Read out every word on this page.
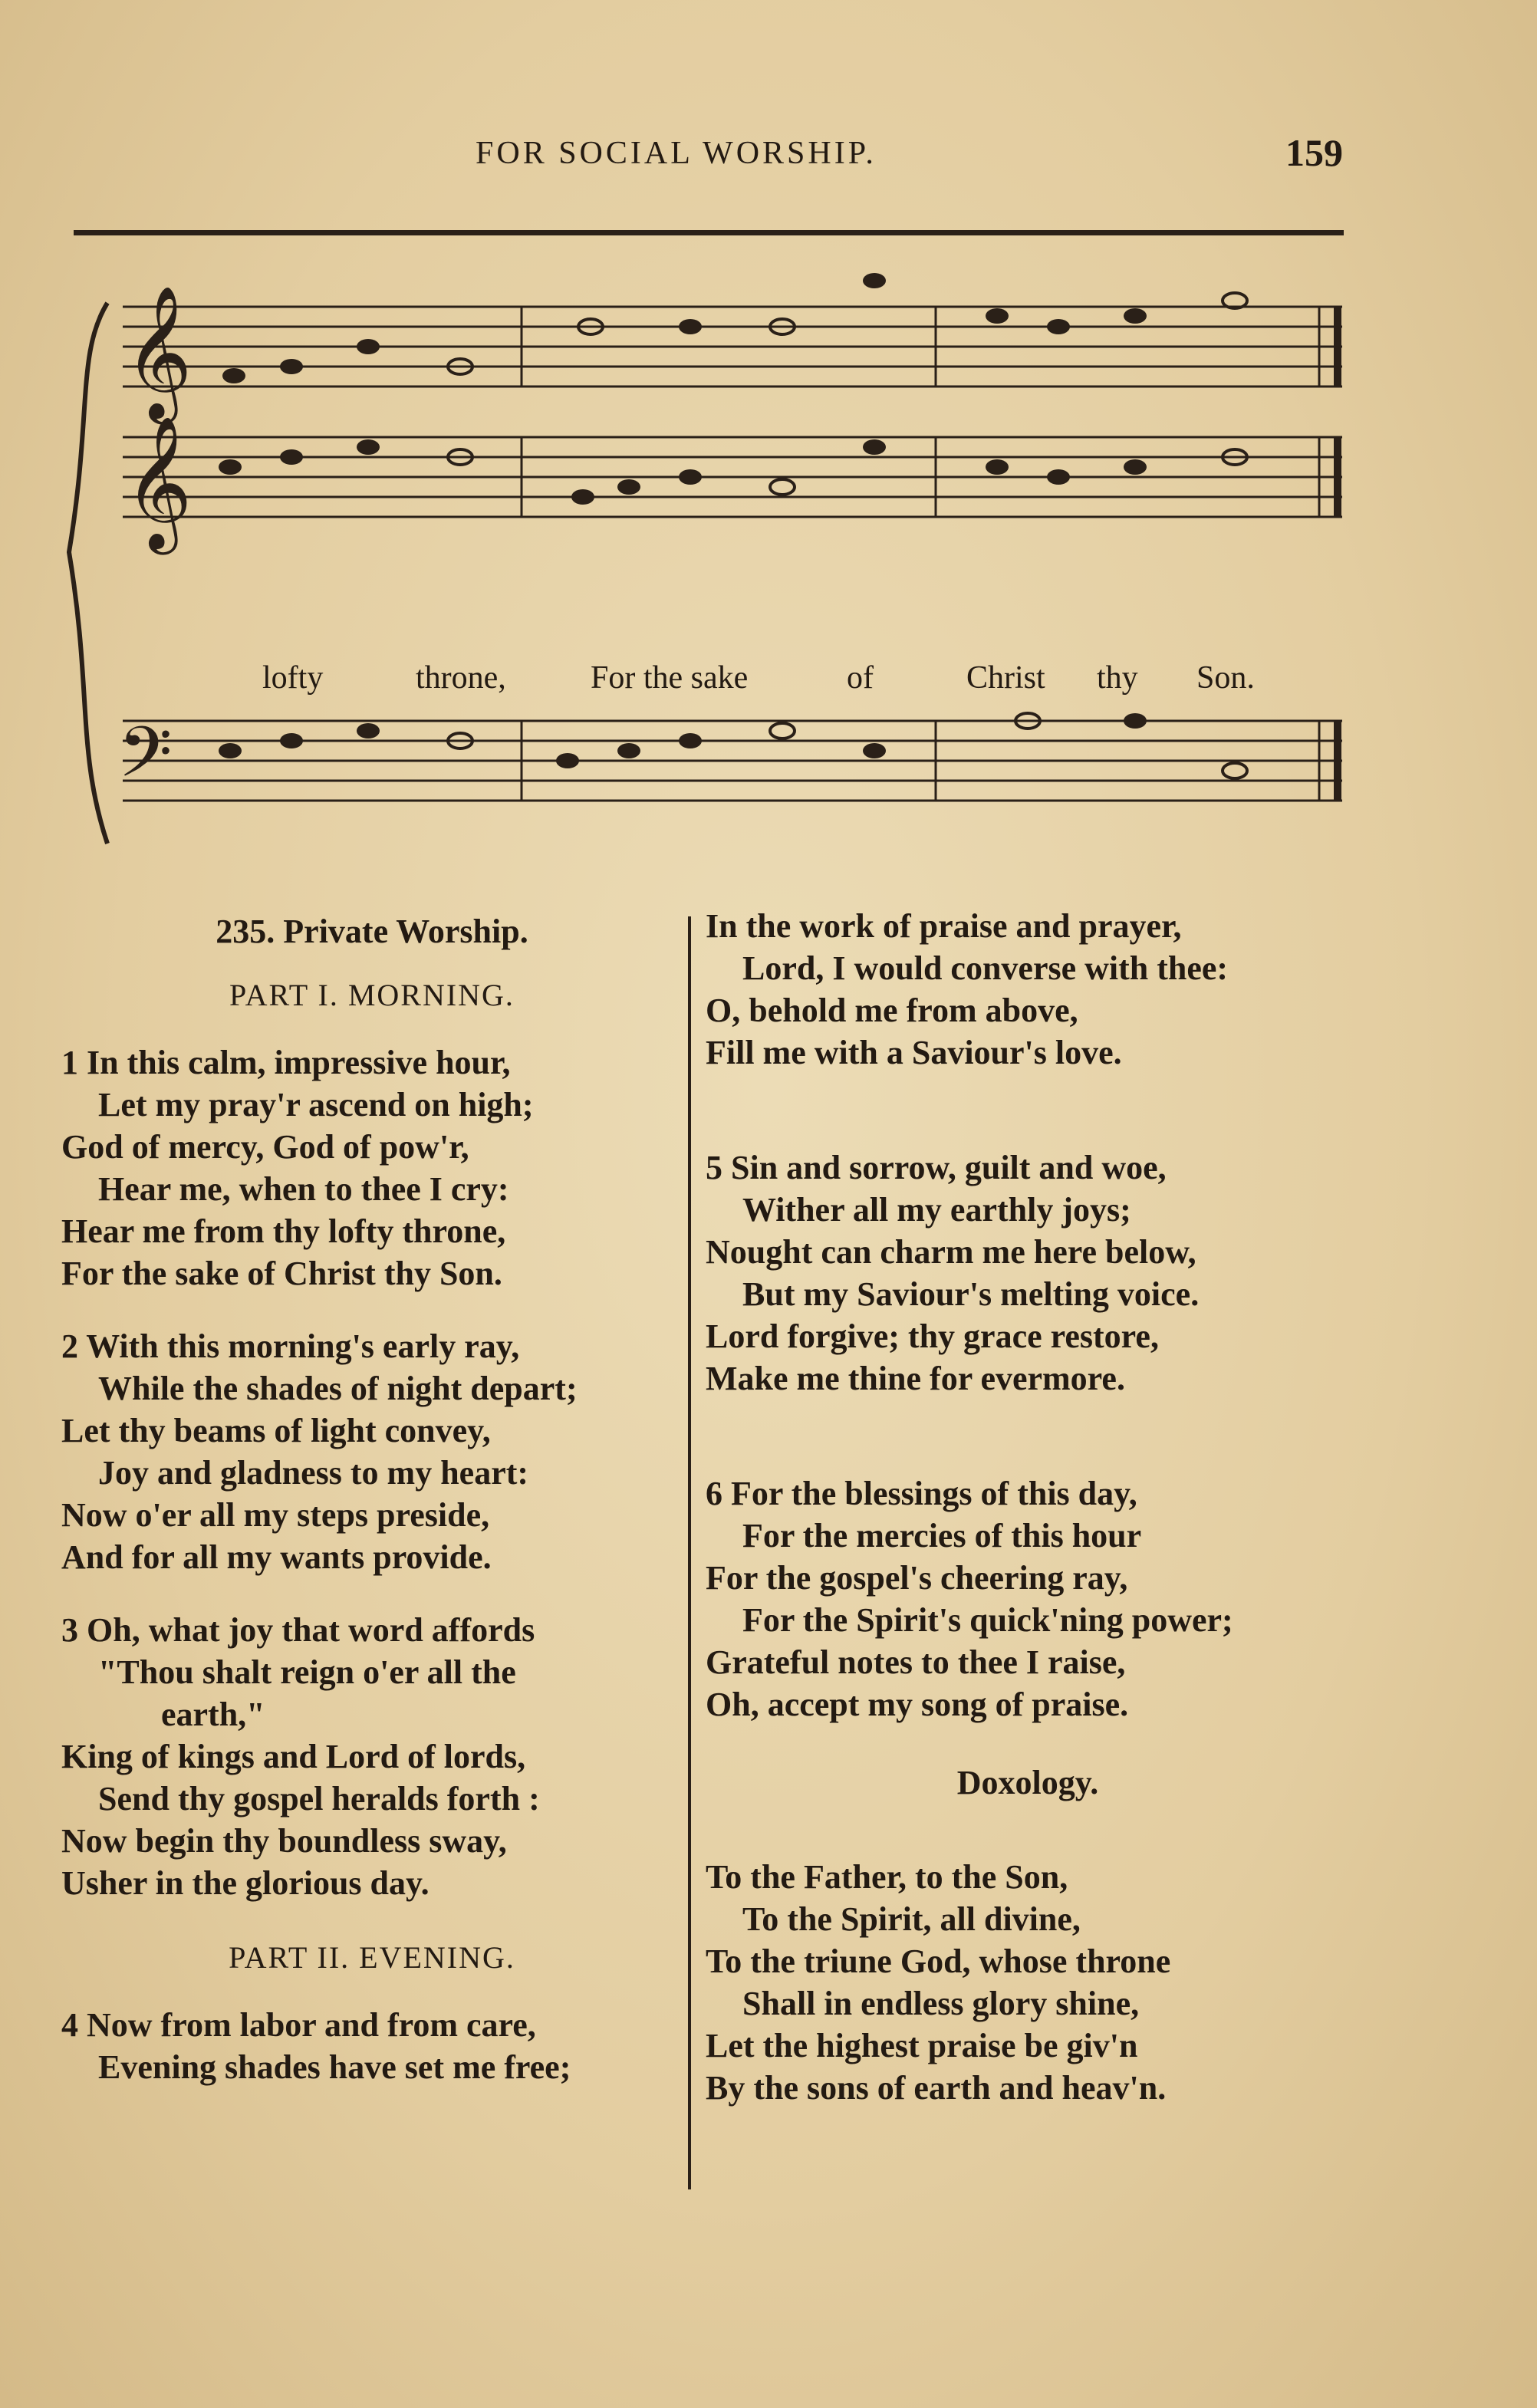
FOR SOCIAL WORSHIP.	159
𝄞
𝄞
𝄢
lofty	throne,	For the sake	of	Christ thy Son.
235. Private Worship.
PART I. MORNING.
1 In this calm, impressive hour,
Let my pray'r ascend on high;
God of mercy, God of pow'r,
Hear me, when to thee I cry:
Hear me from thy lofty throne,
For the sake of Christ thy Son.
2 With this morning's early ray,
While the shades of night depart;
Let thy beams of light convey,
Joy and gladness to my heart:
Now o'er all my steps preside,
And for all my wants provide.
3 Oh, what joy that word affords
"Thou shalt reign o'er all the
earth,"
King of kings and Lord of lords,
Send thy gospel heralds forth :
Now begin thy boundless sway,
Usher in the glorious day.
PART II. EVENING.
4 Now from labor and from care,
Evening shades have set me free;
In the work of praise and prayer,
Lord, I would converse with thee:
O, behold me from above,
Fill me with a Saviour's love.
5 Sin and sorrow, guilt and woe,
Wither all my earthly joys;
Nought can charm me here below,
But my Saviour's melting voice.
Lord forgive; thy grace restore,
Make me thine for evermore.
6 For the blessings of this day,
For the mercies of this hour
For the gospel's cheering ray,
For the Spirit's quick'ning power;
Grateful notes to thee I raise,
Oh, accept my song of praise.
Doxology.
To the Father, to the Son,
To the Spirit, all divine,
To the triune God, whose throne
Shall in endless glory shine,
Let the highest praise be giv'n
By the sons of earth and heav'n.
